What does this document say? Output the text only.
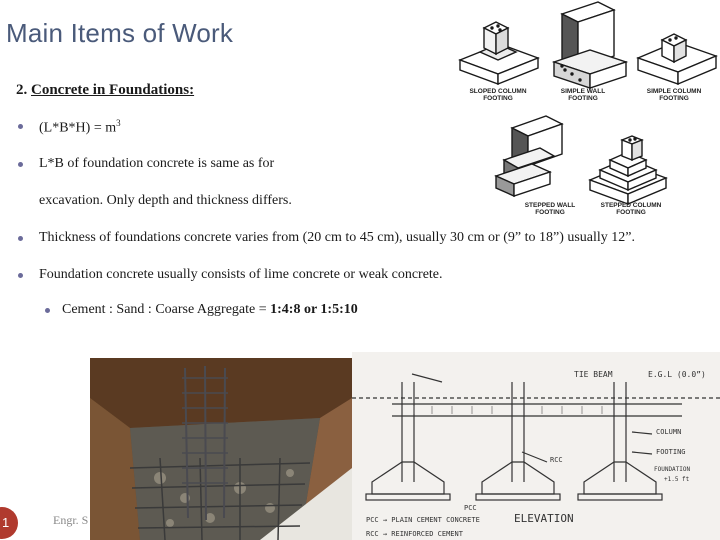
Main Items of Work
2. Concrete in Foundations:
$(L*B*H) = m^3$
L*B of foundation concrete is same as for
excavation. Only depth and thickness differs.
Thickness of foundations concrete varies from (20 cm to 45 cm), usually 30 cm or (9” to 18”) usually 12”.
Foundation concrete usually consists of lime concrete or weak concrete.
Cement : Sand : Coarse Aggregate = 1:4:8 or 1:5:10
SLOPED COLUMN
FOOTING
SIMPLE WALL
FOOTING
SIMPLE COLUMN
FOOTING
STEPPED WALL
FOOTING
STEPPED COLUMN
FOOTING
TIE BEAM	E.G.L (0.0”)
COLUMN
FOOTING
FOUNDATION
+1.5 ft
RCC
PCC
PCC → PLAIN CEMENT CONCRETE
RCC → REINFORCED CEMENT
ELEVATION
Engr. S
1
